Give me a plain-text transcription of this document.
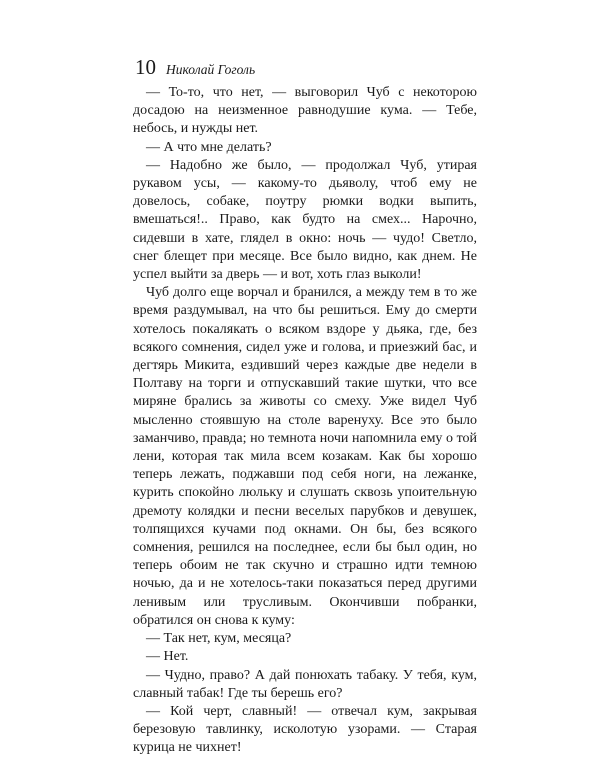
10 Николай Гоголь

— То-то, что нет, — выговорил Чуб с некоторою досадою на неизменное равнодушие кума. — Тебе, небось, и нужды нет.

— А что мне делать?

— Надобно же было, — продолжал Чуб, утирая рукавом усы, — какому-то дьяволу, чтоб ему не довелось, собаке, поутру рюмки водки выпить, вмешаться!.. Право, как будто на смех... Нарочно, сидевши в хате, глядел в окно: ночь — чудо! Светло, снег блещет при месяце. Все было видно, как днем. Не успел выйти за дверь — и вот, хоть глаз выколи!

Чуб долго еще ворчал и бранился, а между тем в то же время раздумывал, на что бы решиться. Ему до смерти хотелось покалякать о всяком вздоре у дьяка, где, без всякого сомнения, сидел уже и голова, и приезжий бас, и дегтярь Микита, ездивший через каждые две недели в Полтаву на торги и отпускавший такие шутки, что все миряне брались за животы со смеху. Уже видел Чуб мысленно стоявшую на столе варенуху. Все это было заманчиво, правда; но темнота ночи напомнила ему о той лени, которая так мила всем козакам. Как бы хорошо теперь лежать, поджавши под себя ноги, на лежанке, курить спокойно люльку и слушать сквозь упоительную дремоту колядки и песни веселых парубков и девушек, толпящихся кучами под окнами. Он бы, без всякого сомнения, решился на последнее, если бы был один, но теперь обоим не так скучно и страшно идти темною ночью, да и не хотелось-таки показаться перед другими ленивым или трусливым. Окончивши побранки, обратился он снова к куму:

— Так нет, кум, месяца?

— Нет.

— Чудно, право? А дай понюхать табаку. У тебя, кум, славный табак! Где ты берешь его?

— Кой черт, славный! — отвечал кум, закрывая березовую тавлинку, исколотую узорами. — Старая курица не чихнет!
